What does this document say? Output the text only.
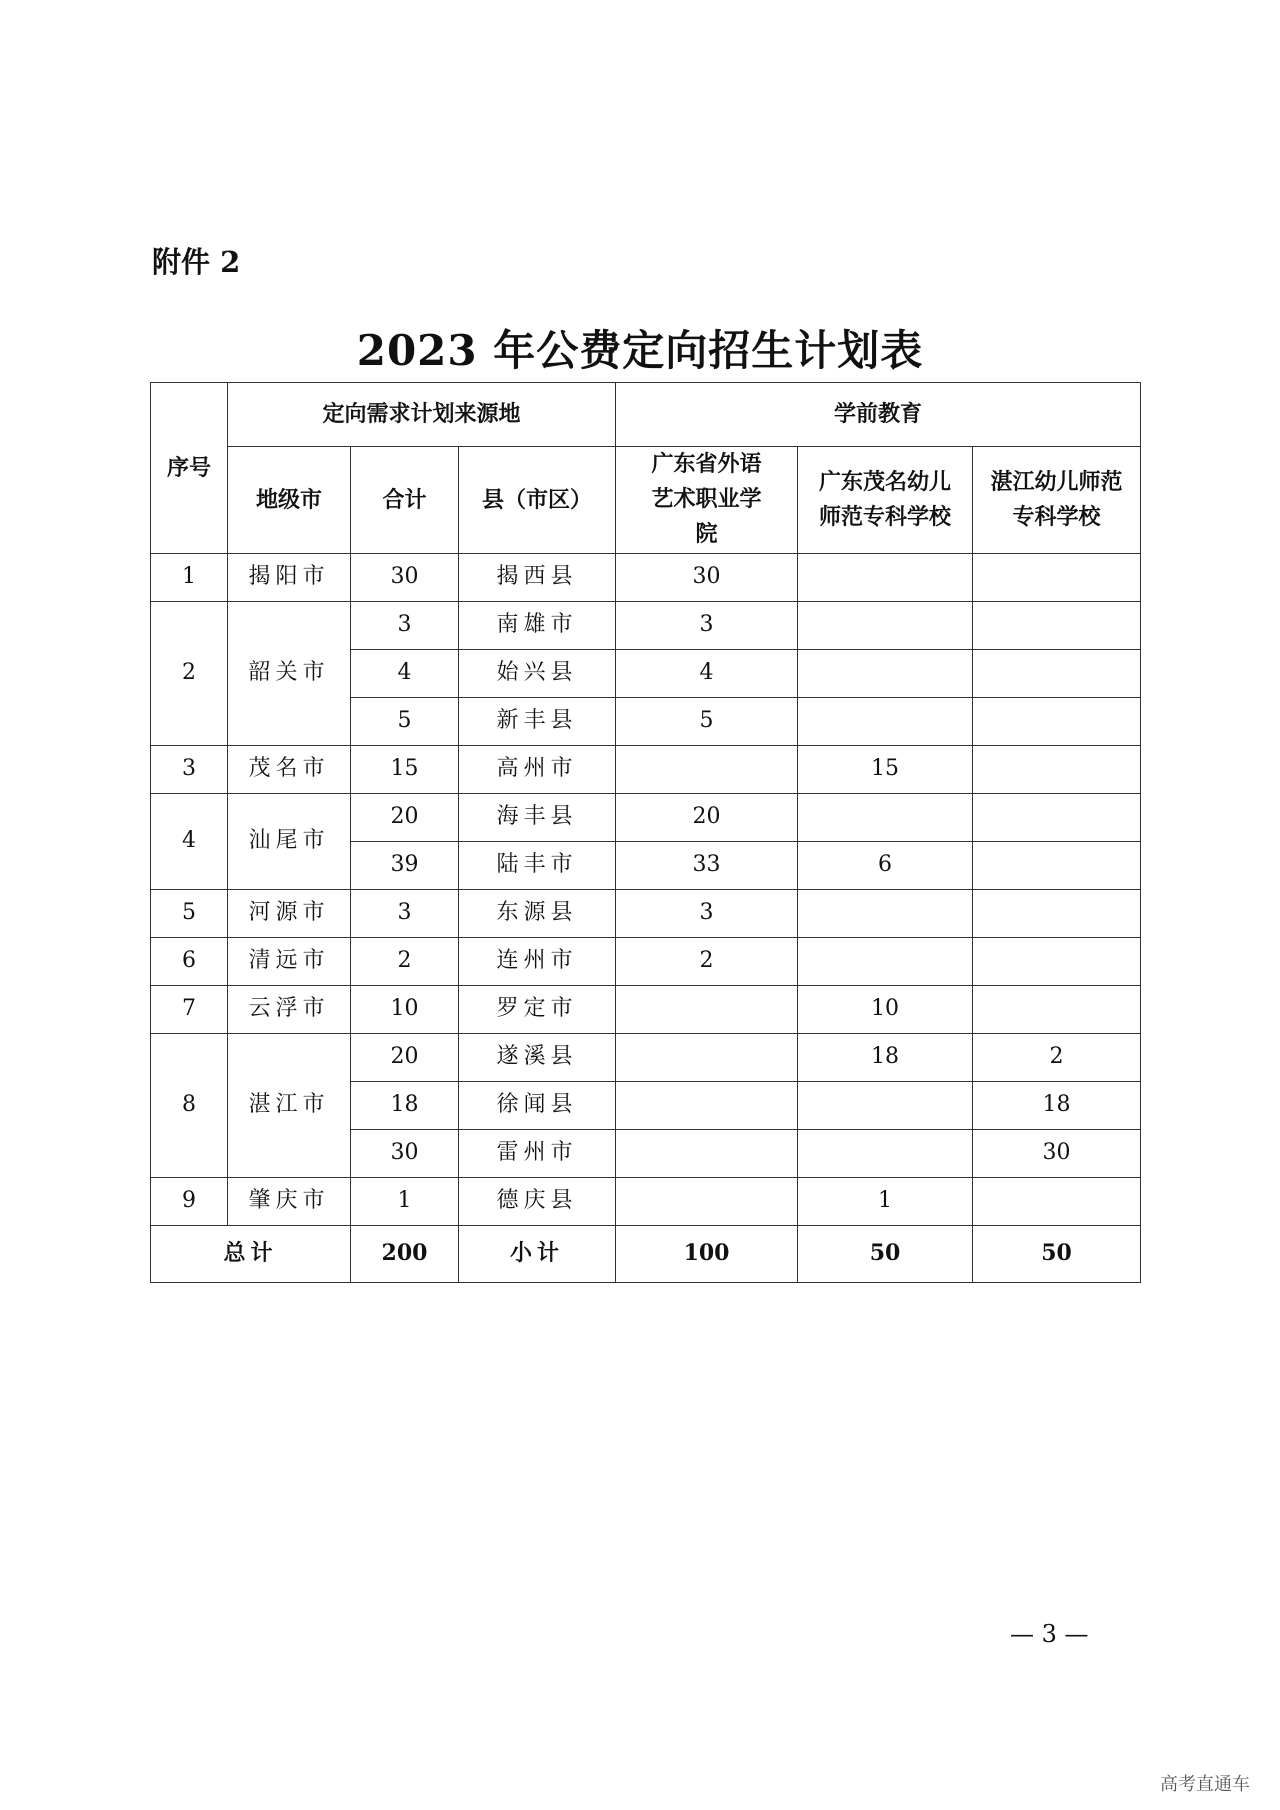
附件 2
2023 年公费定向招生计划表
序号	定向需求计划来源地			学前教育		
	地级市	合计	县（市区）	广东省外语艺术职业学院	广东茂名幼儿师范专科学校	湛江幼儿师范专科学校

1	揭阳市	30	揭西县	30		
2	韶关市	3	南雄市	3		
		4	始兴县	4		
		5	新丰县	5		
3	茂名市	15	高州市		15	
4	汕尾市	20	海丰县	20		
		39	陆丰市	33	6	
5	河源市	3	东源县	3		
6	清远市	2	连州市	2		
7	云浮市	10	罗定市		10	
8	湛江市	20	遂溪县		18	2
		18	徐闻县			18
		30	雷州市			30
9	肇庆市	1	德庆县		1	
总计		200	小计	100	50	50
— 3 —
高考直通车
